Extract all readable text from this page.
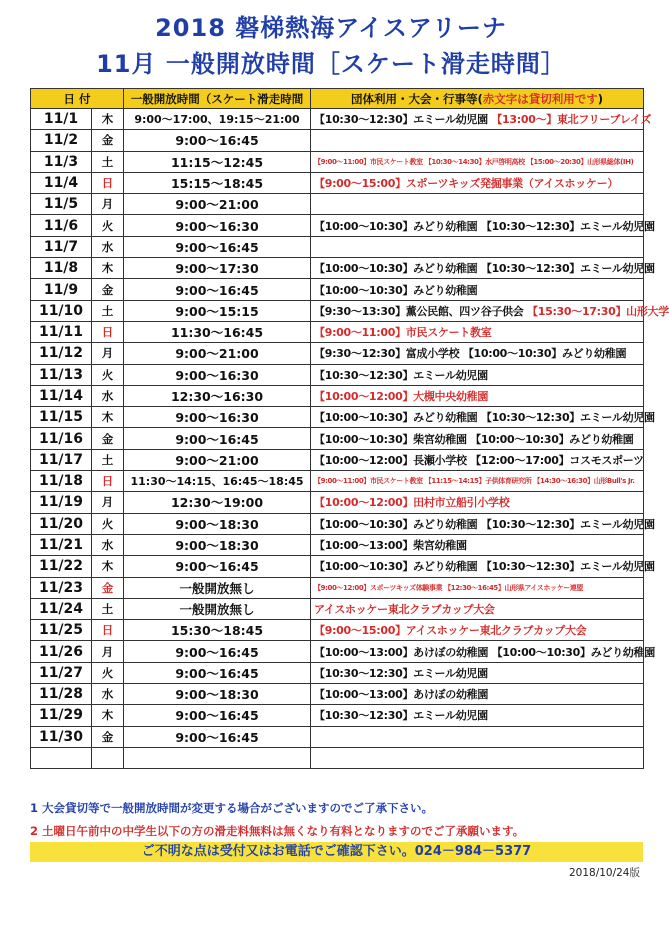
2018 磐梯熱海アイスアリーナ
11月 一般開放時間［スケート滑走時間］
日 付		一般開放時間（スケート滑走時間	団体利用・大会・行事等(赤文字は貸切利用です)
11/1	木	9:00～17:00、19:15～21:00	【10:30～12:30】エミール幼児園 【13:00～】東北フリーブレイズ
11/2	金	9:00～16:45	
11/3	土	11:15～12:45	【9:00～11:00】市民スケート教室 【10:30～14:30】水戸啓明高校 【15:00～20:30】山形県総体(IH)
11/4	日	15:15～18:45	【9:00～15:00】スポーツキッズ発掘事業（アイスホッケー）
11/5	月	9:00～21:00	
11/6	火	9:00～16:30	【10:00～10:30】みどり幼稚園 【10:30～12:30】エミール幼児園
11/7	水	9:00～16:45	
11/8	木	9:00～17:30	【10:00～10:30】みどり幼稚園 【10:30～12:30】エミール幼児園
11/9	金	9:00～16:45	【10:00～10:30】みどり幼稚園
11/10	土	9:00～15:15	【9:30～13:30】薫公民館、四ツ谷子供会 【15:30～17:30】山形大学
11/11	日	11:30～16:45	【9:00～11:00】市民スケート教室
11/12	月	9:00～21:00	【9:30～12:30】富成小学校 【10:00～10:30】みどり幼稚園
11/13	火	9:00～16:30	【10:30～12:30】エミール幼児園
11/14	水	12:30～16:30	【10:00～12:00】大槻中央幼稚園
11/15	木	9:00～16:30	【10:00～10:30】みどり幼稚園 【10:30～12:30】エミール幼児園
11/16	金	9:00～16:45	【10:00～10:30】柴宮幼稚園 【10:00～10:30】みどり幼稚園
11/17	土	9:00～21:00	【10:00～12:00】長瀬小学校 【12:00～17:00】コスモスポーツ
11/18	日	11:30～14:15、16:45～18:45	【9:00～11:00】市民スケート教室 【11:15～14:15】子供体育研究所 【14:30～16:30】山形Bull's Jr.
11/19	月	12:30～19:00	【10:00～12:00】田村市立船引小学校
11/20	火	9:00～18:30	【10:00～10:30】みどり幼稚園 【10:30～12:30】エミール幼児園
11/21	水	9:00～18:30	【10:00～13:00】柴宮幼稚園
11/22	木	9:00～16:45	【10:00～10:30】みどり幼稚園 【10:30～12:30】エミール幼児園
11/23	金	一般開放無し	【9:00～12:00】スポーツキッズ体験事業 【12:30～16:45】山形県アイスホッケー連盟
11/24	土	一般開放無し	アイスホッケー東北クラブカップ大会
11/25	日	15:30～18:45	【9:00～15:00】アイスホッケー東北クラブカップ大会
11/26	月	9:00～16:45	【10:00～13:00】あけぼの幼稚園 【10:00～10:30】みどり幼稚園
11/27	火	9:00～16:45	【10:30～12:30】エミール幼児園
11/28	水	9:00～18:30	【10:00～13:00】あけぼの幼稚園
11/29	木	9:00～16:45	【10:30～12:30】エミール幼児園
11/30	金	9:00～16:45	

1 大会貸切等で一般開放時間が変更する場合がございますのでご了承下さい。
2 土曜日午前中の中学生以下の方の滑走料無料は無くなり有料となりますのでご了承願います。
ご不明な点は受付又はお電話でご確認下さい。024－984－5377
2018/10/24版
